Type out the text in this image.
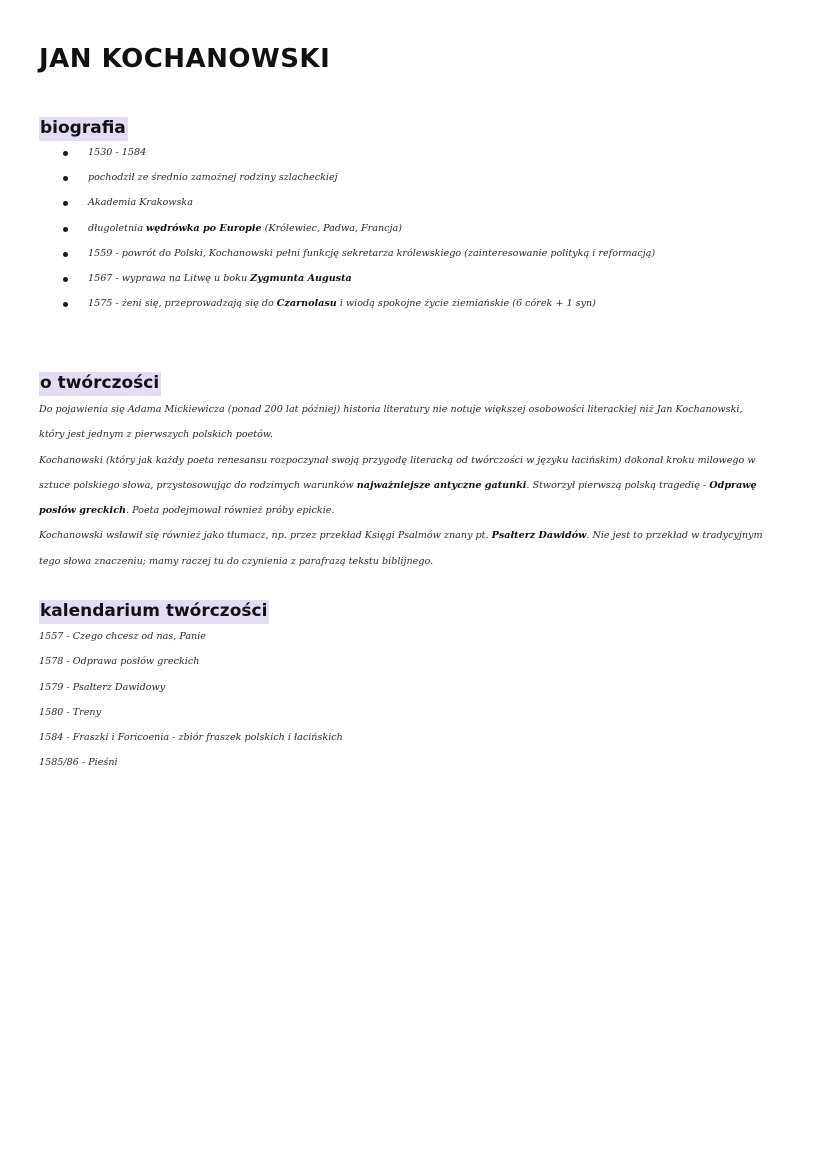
JAN KOCHANOWSKI
biografia
1530 - 1584
pochodził ze średnio zamożnej rodziny szlacheckiej
Akademia Krakowska
długoletnia wędrówka po Europie (Królewiec, Padwa, Francja)
1559 - powrót do Polski, Kochanowski pełni funkcję sekretarza królewskiego (zainteresowanie polityką i reformacją)
1567 - wyprawa na Litwę u boku Zygmunta Augusta
1575 - żeni się, przeprowadzają się do Czarnolasu i wiodą spokojne życie ziemiańskie (6 córek + 1 syn)
o twórczości

Do pojawienia się Adama Mickiewicza (ponad 200 lat później) historia literatury nie notuje większej osobowości literackiej niż Jan Kochanowski, który jest jednym z pierwszych polskich poetów.

Kochanowski (który jak każdy poeta renesansu rozpoczynał swoją przygodę literacką od twórczości w języku łacińskim) dokonał kroku milowego w sztuce polskiego słowa, przystosowując do rodzimych warunków najważniejsze antyczne gatunki. Stworzył pierwszą polską tragedię - Odprawę posłów greckich. Poeta podejmował również próby epickie.

Kochanowski wsławił się również jako tłumacz, np. przez przekład Księgi Psalmów znany pt. Psałterz Dawidów. Nie jest to przekład w tradycyjnym tego słowa znaczeniu; mamy raczej tu do czynienia z parafrazą tekstu biblijnego.

kalendarium twórczości
1557 - Czego chcesz od nas, Panie
1578 - Odprawa posłów greckich
1579 - Psałterz Dawidowy
1580 - Treny
1584 - Fraszki i Foricoenia - zbiór fraszek polskich i łacińskich
1585/86 - Pieśni
